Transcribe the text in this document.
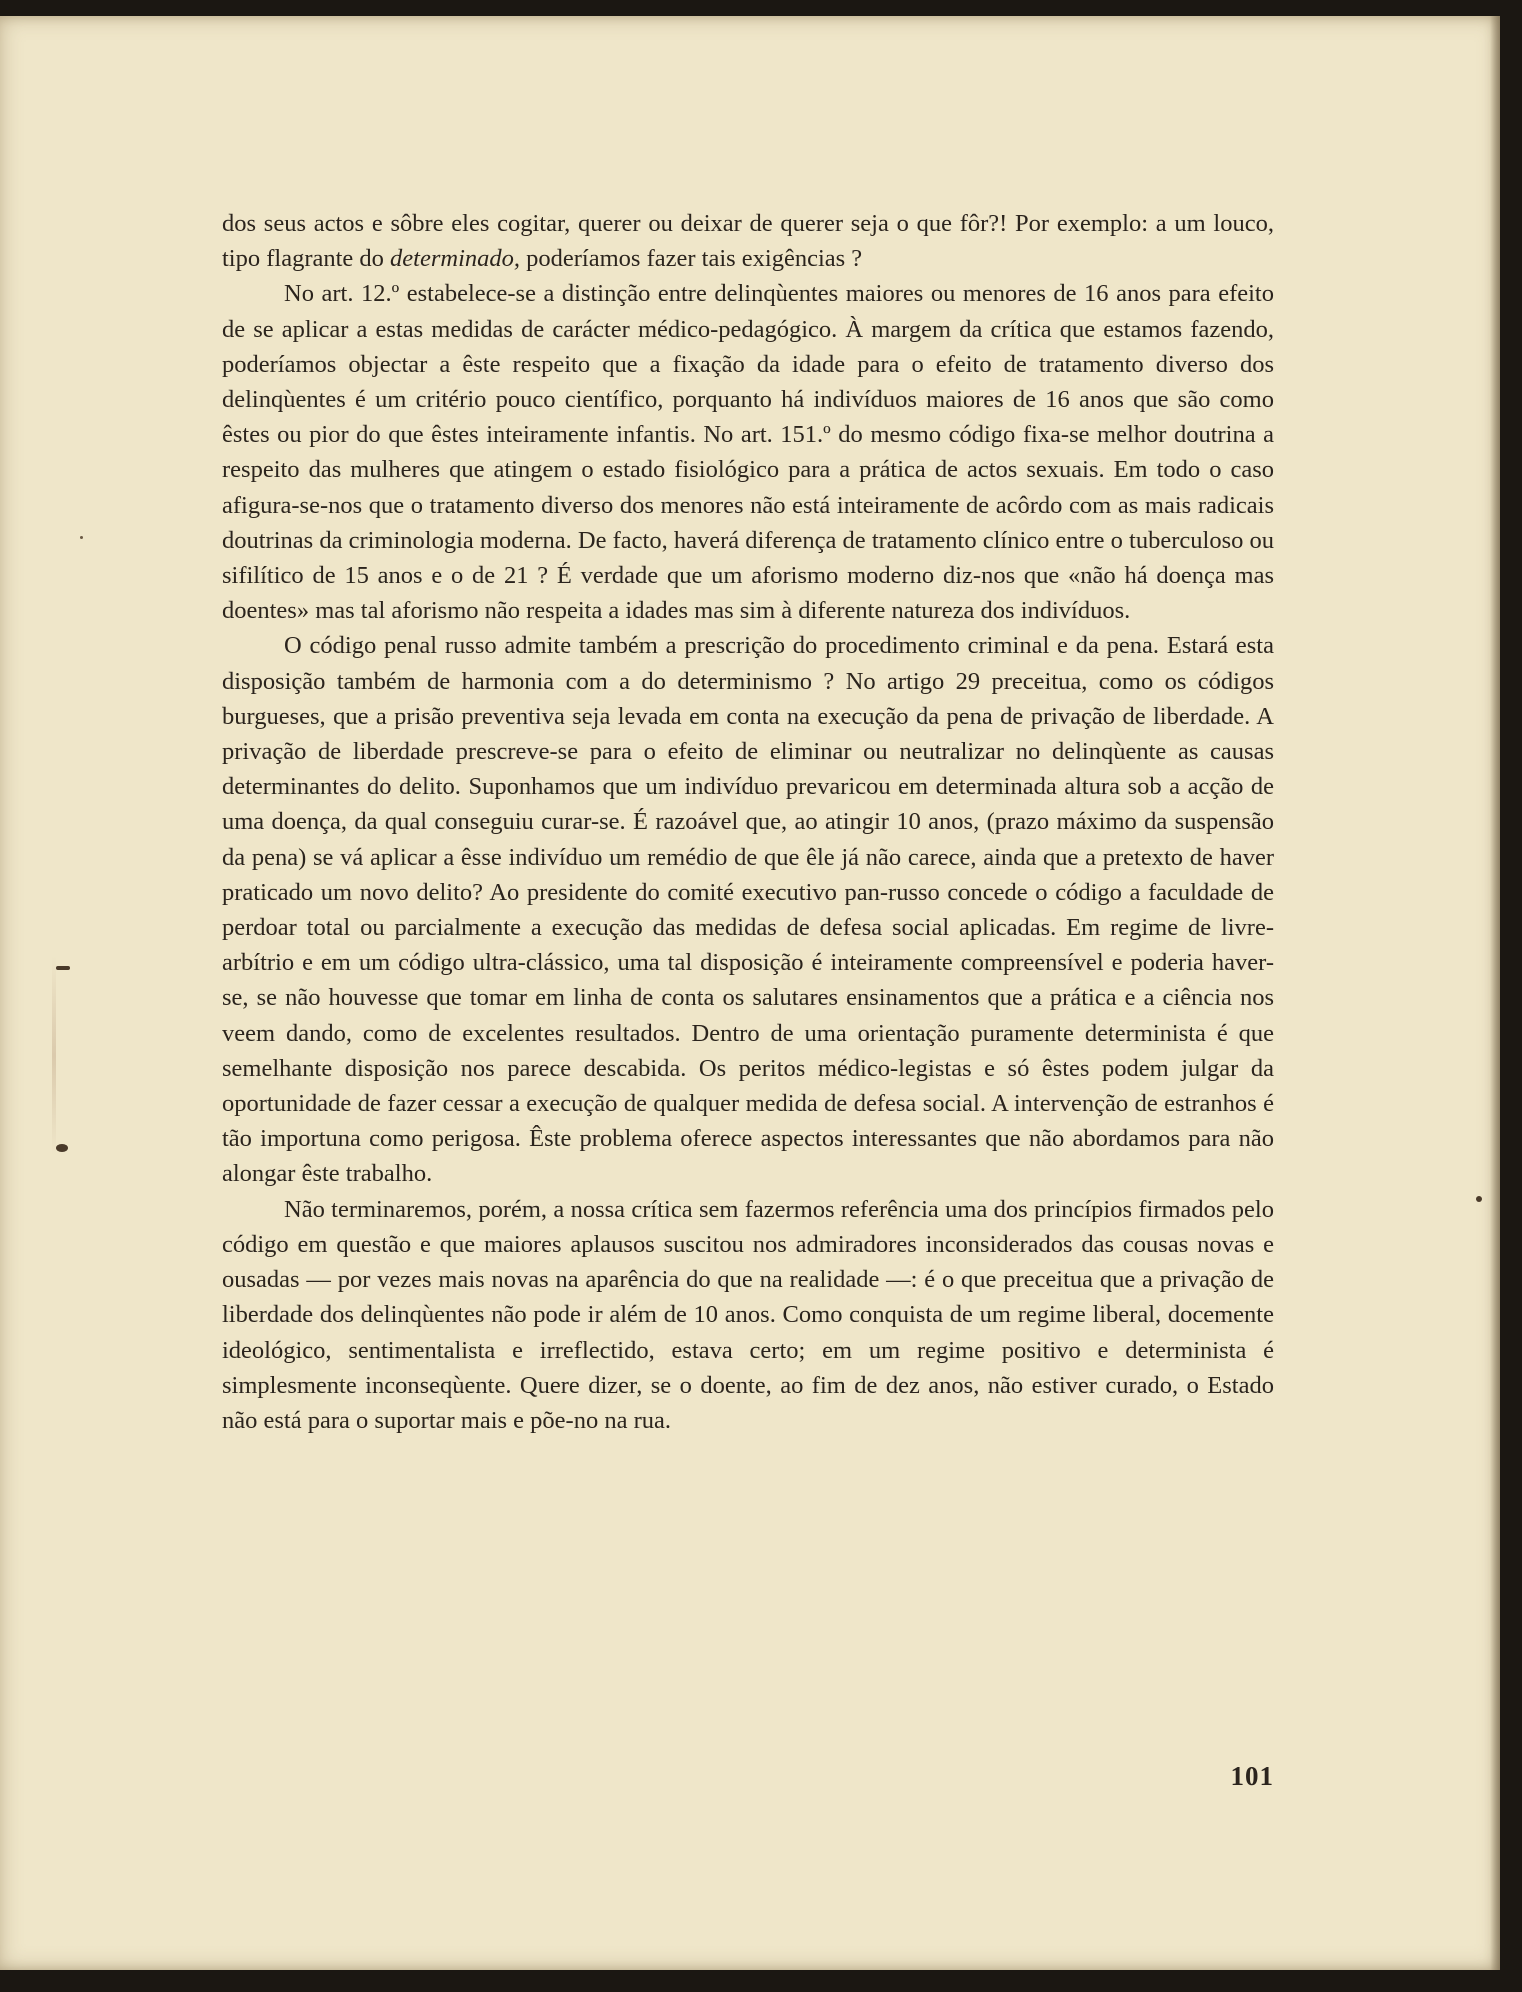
dos seus actos e sôbre eles cogitar, querer ou deixar de querer seja o que fôr?! Por exemplo: a um louco, tipo flagrante do determinado, poderíamos fazer tais exigências ?

No art. 12.º estabelece-se a distinção entre delinqùentes maiores ou menores de 16 anos para efeito de se aplicar a estas medidas de carácter médico-pedagógico. À margem da crítica que estamos fazendo, poderíamos objectar a êste respeito que a fixação da idade para o efeito de tratamento diverso dos delinqùentes é um critério pouco científico, porquanto há indivíduos maiores de 16 anos que são como êstes ou pior do que êstes inteiramente infantis. No art. 151.º do mesmo código fixa-se melhor doutrina a respeito das mulheres que atingem o estado fisiológico para a prática de actos sexuais. Em todo o caso afigura-se-nos que o tratamento diverso dos menores não está inteiramente de acôrdo com as mais radicais doutrinas da criminologia moderna. De facto, haverá diferença de tratamento clínico entre o tuberculoso ou sifilítico de 15 anos e o de 21 ? É verdade que um aforismo moderno diz-nos que «não há doença mas doentes» mas tal aforismo não respeita a idades mas sim à diferente natureza dos indivíduos.

O código penal russo admite também a prescrição do procedimento criminal e da pena. Estará esta disposição também de harmonia com a do determinismo ? No artigo 29 preceitua, como os códigos burgueses, que a prisão preventiva seja levada em conta na execução da pena de privação de liberdade. A privação de liberdade prescreve-se para o efeito de eliminar ou neutralizar no delinqùente as causas determinantes do delito. Suponhamos que um indivíduo prevaricou em determinada altura sob a acção de uma doença, da qual conseguiu curar-se. É razoável que, ao atingir 10 anos, (prazo máximo da suspensão da pena) se vá aplicar a êsse indivíduo um remédio de que êle já não carece, ainda que a pretexto de haver praticado um novo delito? Ao presidente do comité executivo pan-russo concede o código a faculdade de perdoar total ou parcialmente a execução das medidas de defesa social aplicadas. Em regime de livre-arbítrio e em um código ultra-clássico, uma tal disposição é inteiramente compreensível e poderia haver-se, se não houvesse que tomar em linha de conta os salutares ensinamentos que a prática e a ciência nos veem dando, como de excelentes resultados. Dentro de uma orientação puramente determinista é que semelhante disposição nos parece descabida. Os peritos médico-legistas e só êstes podem julgar da oportunidade de fazer cessar a execução de qualquer medida de defesa social. A intervenção de estranhos é tão importuna como perigosa. Êste problema oferece aspectos interessantes que não abordamos para não alongar êste trabalho.

Não terminaremos, porém, a nossa crítica sem fazermos referência uma dos princípios firmados pelo código em questão e que maiores aplausos suscitou nos admiradores inconsiderados das cousas novas e ousadas — por vezes mais novas na aparência do que na realidade —: é o que preceitua que a privação de liberdade dos delinqùentes não pode ir além de 10 anos. Como conquista de um regime liberal, docemente ideológico, sentimentalista e irreflectido, estava certo; em um regime positivo e determinista é simplesmente inconseqùente. Quere dizer, se o doente, ao fim de dez anos, não estiver curado, o Estado não está para o suportar mais e põe-no na rua.

101
